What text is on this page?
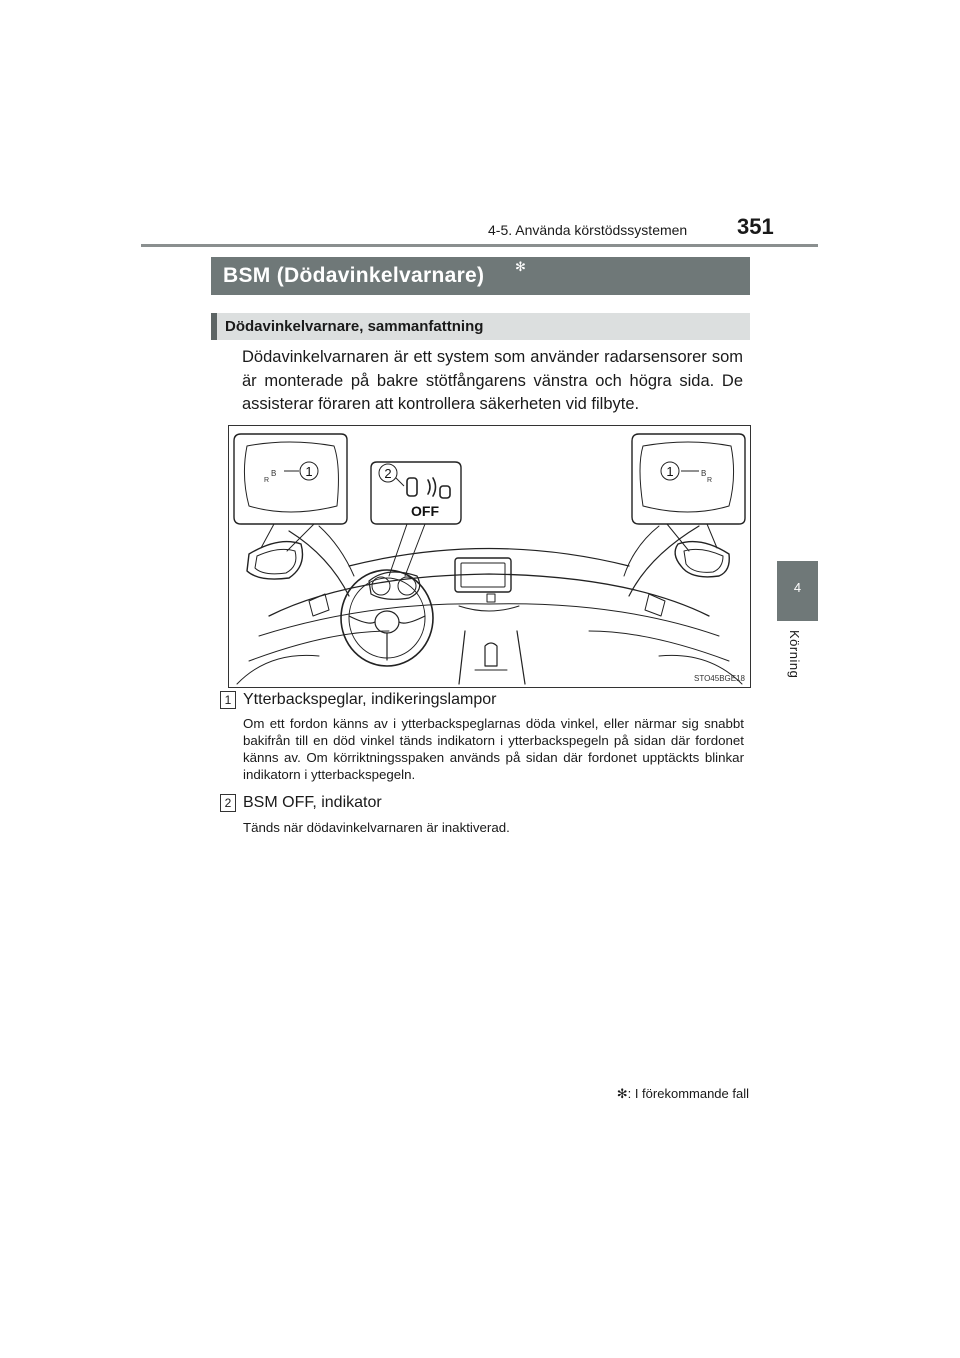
4-5. Använda körstödssystemen 351
4
Körning
BSM (Dödavinkelvarnare) ✻
Dödavinkelvarnare, sammanfattning
Dödavinkelvarnaren är ett system som använder radarsensorer som är monterade på bakre stötfångarens vänstra och högra sida. De assisterar föraren att kontrollera säkerheten vid filbyte.
1	1
2
B
R
B
R
OFF
STO45BGE18
1 Ytterbackspeglar, indikeringslampor
Om ett fordon känns av i ytterbackspeglarnas döda vinkel, eller närmar sig snabbt bakifrån till en död vinkel tänds indikatorn i ytterbackspegeln på sidan där fordonet känns av. Om körriktningsspaken används på sidan där fordonet upptäckts blinkar indikatorn i ytterbackspegeln.
2 BSM OFF, indikator
Tänds när dödavinkelvarnaren är inaktiverad.
✻: I förekommande fall
